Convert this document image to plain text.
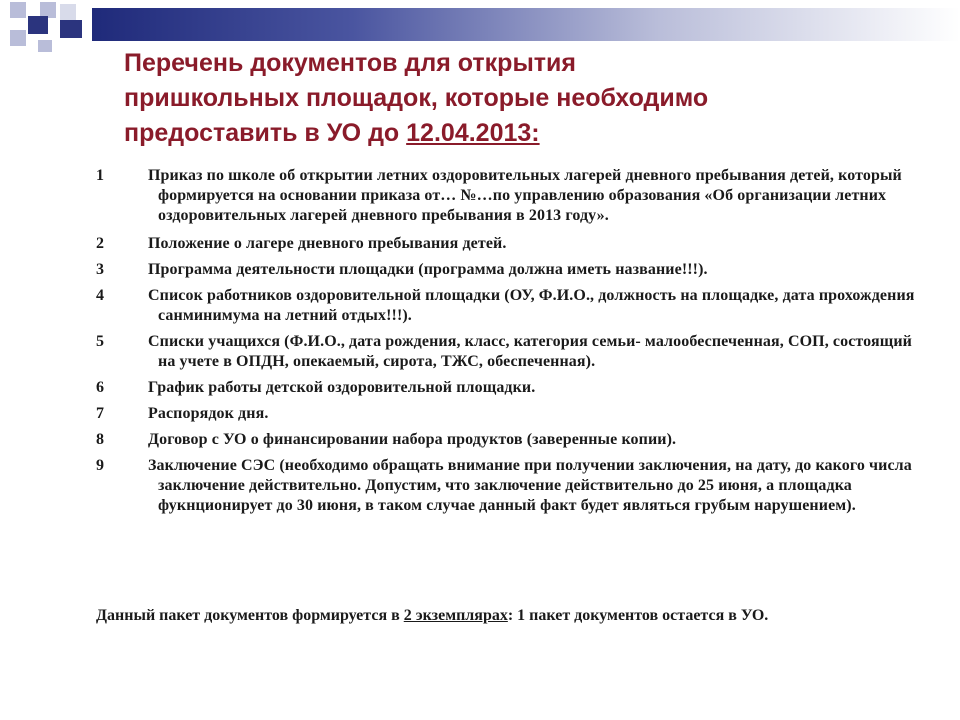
Перечень документов для открытия
пришкольных площадок, которые необходимо
предоставить в УО до 12.04.2013:
1	Приказ по школе об открытии летних оздоровительных лагерей дневного пребывания детей, который формируется на основании приказа от… №…по управлению образования «Об организации летних оздоровительных лагерей дневного пребывания в 2013 году».
2	Положение о лагере дневного пребывания детей.
3	Программа деятельности площадки (программа должна иметь название!!!).
4	Список работников оздоровительной площадки (ОУ, Ф.И.О., должность на площадке, дата прохождения санминимума на летний отдых!!!).
5	Списки учащихся (Ф.И.О., дата рождения, класс, категория семьи- малообеспеченная, СОП, состоящий на учете в ОПДН, опекаемый, сирота, ТЖС, обеспеченная).
6	График работы детской оздоровительной площадки.
7	Распорядок дня.
8	Договор с УО о финансировании набора продуктов (заверенные копии).
9	Заключение СЭС (необходимо обращать внимание при получении заключения, на дату, до какого числа заключение действительно. Допустим, что заключение действительно до 25 июня, а площадка фукнционирует до 30 июня, в таком случае данный факт будет являться грубым нарушением).
Данный пакет документов формируется в 2 экземплярах: 1 пакет документов остается в УО.
